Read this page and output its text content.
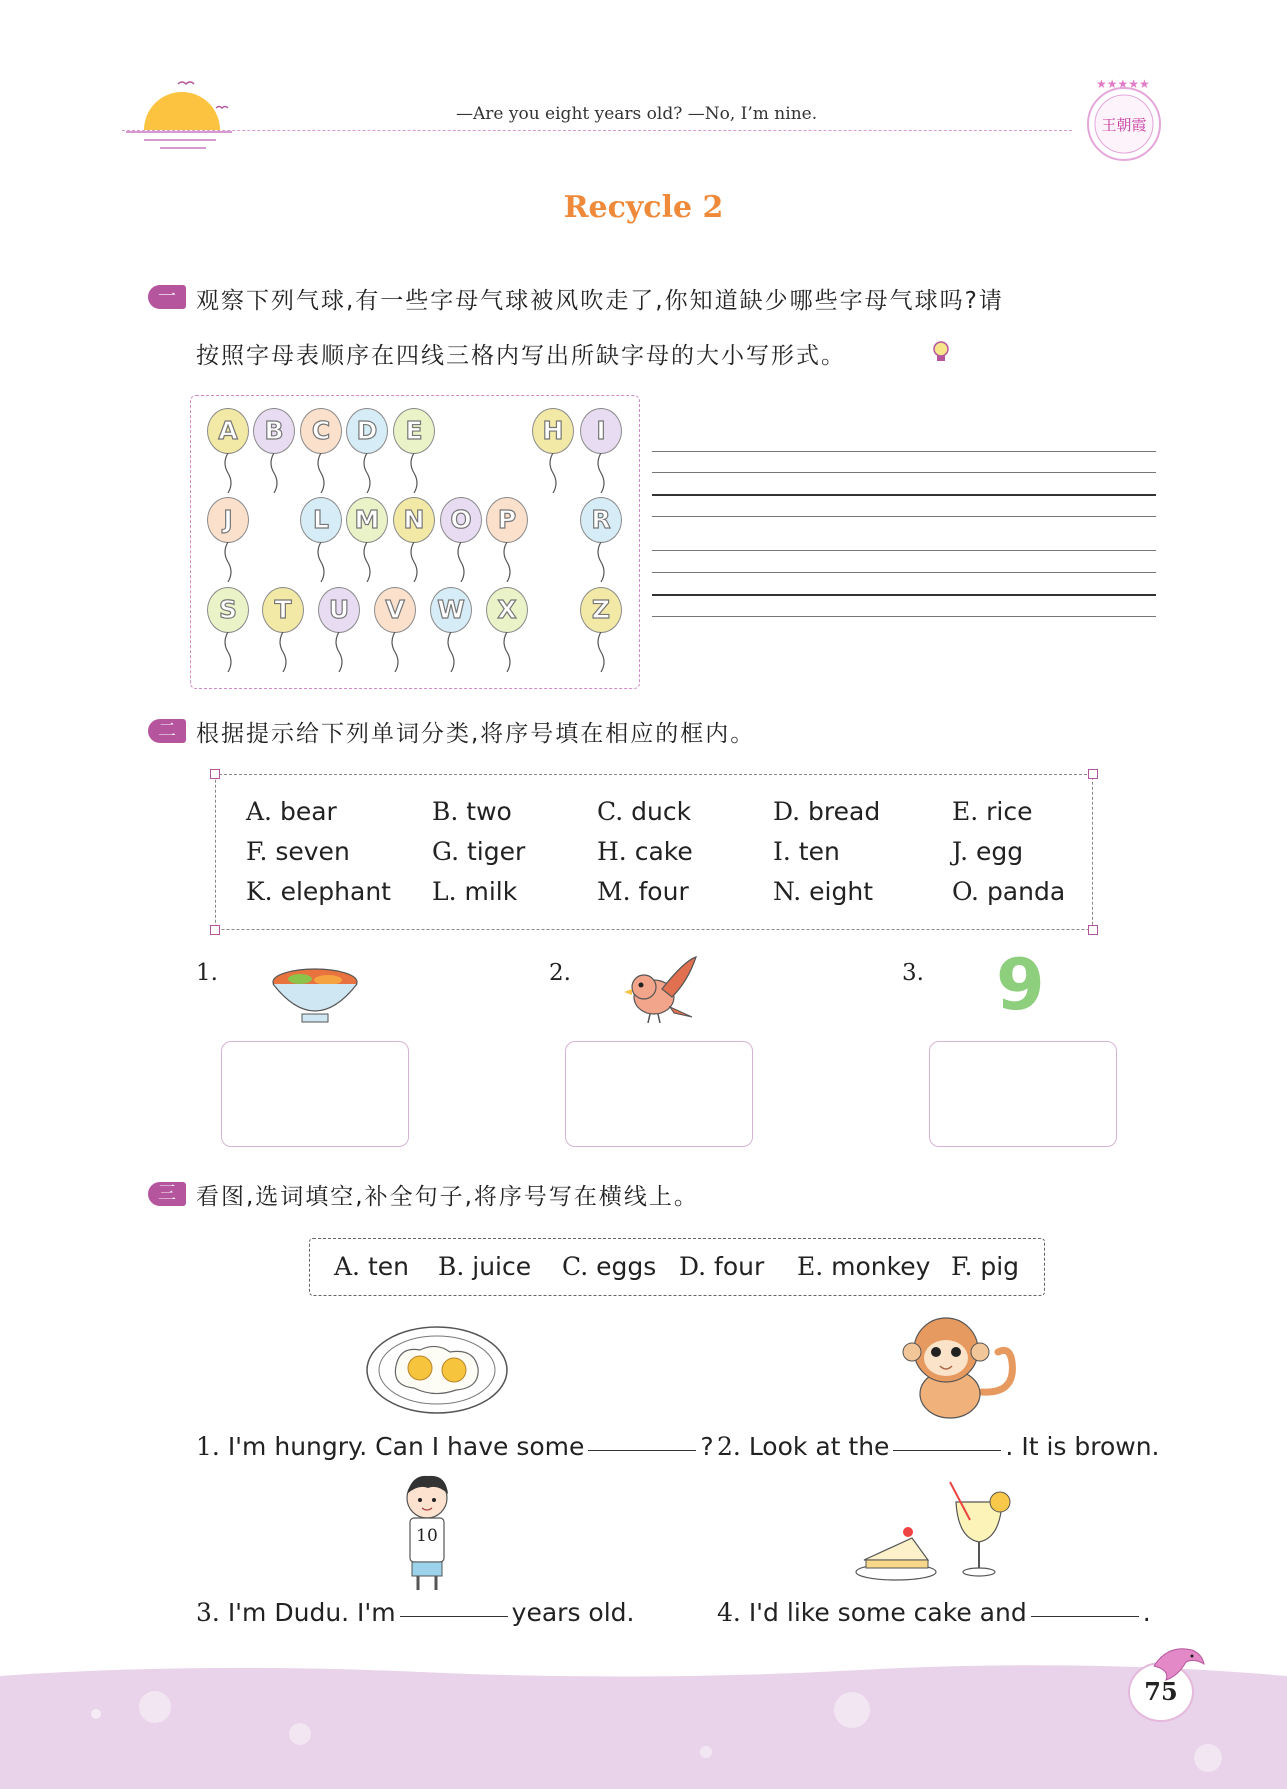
—Are you eight years old? —No, I’m nine.
★★★★★
王朝霞
Recycle 2
一 观察下列气球,有一些字母气球被风吹走了,你知道缺少哪些字母气球吗?请
按照字母表顺序在四线三格内写出所缺字母的大小写形式。
A	B	C	D	E	H	I
J	L	M N	O	P	R
S	T	U	V	W	X	Z
二 根据提示给下列单词分类,将序号填在相应的框内。
A. bear	B. two	C. duck	D. bread	E. rice
F. seven	G. tiger	H. cake	I. ten	J. egg
K. elephant L. milk	M. four	N. eight	O. panda
1.	2.	3. 9
三 看图,选词填空,补全句子,将序号写在横线上。
A. ten B. juice C. eggs D. four E. monkey F. pig
10
1. I'm hungry. Can I have some	? 2. Look at the	. It is brown.
3. I'm Dudu. I'm	years old.	4. I'd like some cake and	.
75
